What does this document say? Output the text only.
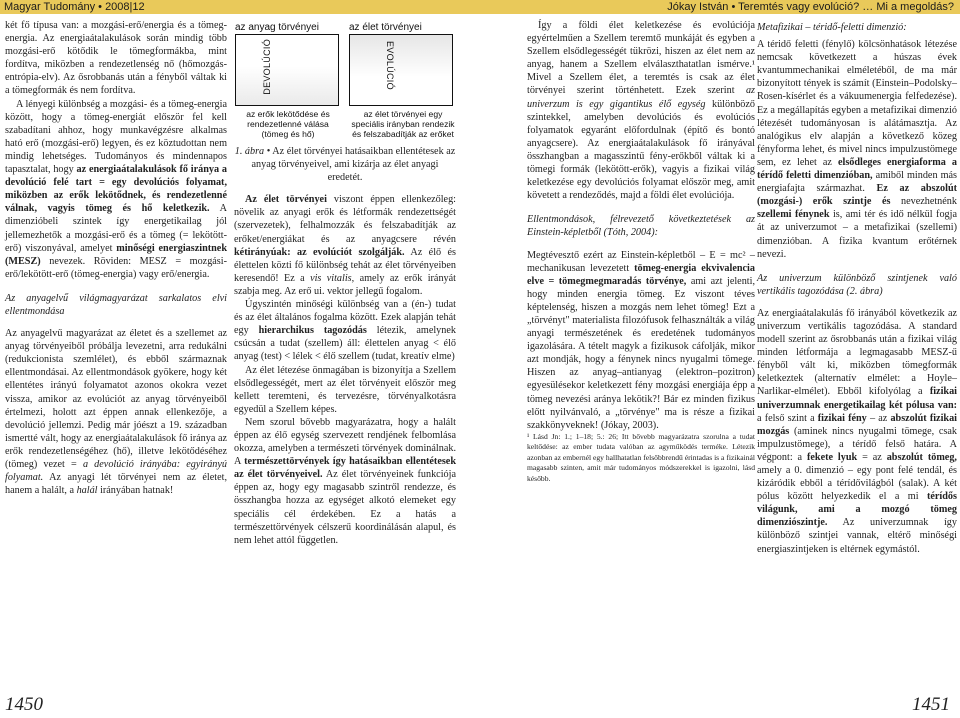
Magyar Tudomány • 2008|12	Jókay István • Teremtés vagy evolúció? … Mi a megoldás?

két fő típusa van: a mozgási-erő/energia és a tömeg-energia. Az energiaátalakulások során mindig több mozgási-erő kötődik le tömegformákba, mint fordítva, miközben a rendezetlenség nő (hőmozgás-entrópia-elv). Az ősrobbanás után a fényből váltak ki a tömegformák és nem fordítva.

A lényegi különbség a mozgási- és a tömeg-energia között, hogy a tömeg-energiát először fel kell szabadítani ahhoz, hogy munkavégzésre alkalmas ható erő (mozgási-erő) legyen, és ez köztudottan nem mindig lehetséges. Tudományos és mindennapos tapasztalat, hogy az energiaátalakulások fő iránya a devolúció felé tart = egy devolúciós folyamat, miközben az erők lekötődnek, és rendezetlenné válnak, vagyis tömeg és hő keletkezik. A dimenzióbeli szintek így energetikailag jól jellemezhetők a mozgási-erő és a tömeg (= lekötött-erő) viszonyával, amelyet minőségi energiaszintnek (MESZ) nevezek. Röviden: MESZ = mozgási-erő/lekötött-erő (tömeg-energia) vagy erő/energia.

Az anyagelvű világmagyarázat sarkalatos elvi ellentmondása

Az anyagelvű magyarázat az életet és a szellemet az anyag törvényeiből próbálja levezetni, arra redukálni (redukcionista szemlélet), és ebből származnak ellentmondásai. Az ellentmondások gyökere, hogy két ellentétes irányú folyamatot azonos okokra vezet vissza, amikor az evolúciót az anyag törvényeiből értelmezi, holott azt éppen annak ellenkezője, a devolúció jellemzi. Pedig már jóészt a 19. században ismertté vált, hogy az energiaátalakulások fő iránya az erők rendezetlenségéhez (hő), illetve lekötődéséhez (tömeg) vezet = a devolúció irányába: egyirányú folyamat. Az anyagi lét törvényei nem az életet, hanem a halált, a halál irányában hatnak!

az anyag törvényei	az élet törvényei
DEVOLÚCIÓ	EVOLÚCIÓ
az erők lekötődése és rendezetlenné válása (tömeg és hő)
az élet törvényei egy speciális irányban rendezik és felszabadítják az erőket

1. ábra • Az élet törvényei hatásaikban ellentétesek az anyag törvényeivel, ami kizárja az élet anyagi eredetét.

Az élet törvényei viszont éppen ellenkezőleg: növelik az anyagi erők és létformák rendezettségét (szervezetek), felhalmozzák és felszabadítják az erőket/energiákat és az anyagcsere révén kétirányúak: az evolúciót szolgálják. Az élő és élettelen közti fő különbség tehát az élet törvényeiben keresendő! Ez a vis vitalis, amely az erők irányát szabja meg. Az erő ui. vektor jellegű fogalom.

Úgyszintén minőségi különbség van a (én-) tudat és az élet általános fogalma között. Ezek alapján tehát egy hierarchikus tagozódás létezik, amelynek csúcsán a tudat (szellem) áll: élettelen anyag < élő anyag (test) < lélek < élő szellem (tudat, kreatív elme)

Az élet létezése önmagában is bizonyítja a Szellem elsődlegességét, mert az élet törvényeit először meg kellett teremteni, és tervezésre, törvényalkotásra egyedül a Szellem képes.

Nem szorul bővebb magyarázatra, hogy a halált éppen az élő egység szervezett rendjének felbomlása okozza, amelyben a természeti törvények dominálnak. A természettörvények így hatásaikban ellentétesek az élet törvényeivel. Az élet törvényeinek funkciója éppen az, hogy egy magasabb szintről rendezze, és összhangba hozza az egységet alkotó elemeket egy speciális cél érdekében. Ez a hatás a természettörvények célszerű koordinálásán alapul, és nem lehet attól független.

Így a földi élet keletkezése és evolúciója egyértelműen a Szellem teremtő munkáját és egyben a Szellem elsődlegességét tükrözi, hiszen az élet nem az anyag, hanem a Szellem elválaszthatatlan ismérve.¹ Mivel a Szellem élet, a teremtés is csak az élet törvényei szerint történhetett. Ezek szerint az univerzum is egy gigantikus élő egység különböző szintekkel, amelyben devolúciós és evolúciós folyamatok egyaránt előfordulnak (építő és bontó anyagcsere). Az energiaátalakulások fő irányával összhangban a magasszintű fény-erőkből váltak ki a tömegi formák (lekötött-erők), vagyis a fizikai világ keletkezése egy devolúciós folyamat először meg, amit követett a rendeződés, majd a földi élet evolúciója.

Ellentmondások, félrevezető következtetések az Einstein-képletből (Tóth, 2004):

Megtévesztő ezért az Einstein-képletből – E = mc² – mechanikusan levezetett tömeg-energia ekvivalencia elve = tömegmegmaradás törvénye, ami azt jelenti, hogy minden energia tömeg. Ez viszont téves képtelenség, hiszen a mozgás nem lehet tömeg! Ezt a „törvényt" materialista filozófusok felhasználták a világ anyagi természetének és eredetének tudományos igazolására. A tételt magyk a fizikusok cáfolják, mikor azt mondják, hogy a fénynek nincs nyugalmi tömege. Hiszen az anyag–antianyag (elektron–pozitron) egyesülésekor keletkezett fény mozgási energiája épp a tömeg nevezési aránya lekötik?! Bár ez minden fizikus előtt nyilvánvaló, a „törvénye" ma is része a fizikai szakkönyveknek! (Jókay, 2003).

¹ Lásd Jn: 1.; 1–18; 5.: 26; Itt bővebb magyarázatra szorulna a tudat keltődése: az ember tudata valóban az agyműködés terméke. Létezik azonban az embernél egy hallhatatlan felsőbbrendű érintadas is a fizikainál magasabb szinten, amit már tudományos módszerekkel is igazolni, lásd később.

Metafizikai – téridő-feletti dimenzió:

A téridő feletti (fénylő) kölcsönhatások létezése nemcsak következett a húszas évek kvantummechanikai elméletéből, de ma már bizonyított tények is számít (Einstein–Podolsky–Rosen-kísérlet és a vákuumenergia felfedezése). Ez a megállapítás egyben a metafizikai dimenzió létezését tudományosan is alátámasztja. Az analógikus elv alapján a következő közeg fényforma lehet, és mivel nincs impulzustömege sem, ez lehet az elsődleges energiaforma a térídő feletti dimenzióban, amiből minden más energiafajta származhat. Ez az abszolút (mozgási-) erők szintje és nevezhetnénk szellemi fénynek is, ami tér és idő nélkül fogja át az univerzumot – a metafizikai (szellemi) dimenzióban. A fizika kvantum erőtérnek nevezi.

Az univerzum különböző szintjenek való vertikális tagozódása (2. ábra)

Az energiaátalakulás fő irányából következik az univerzum vertikális tagozódása. A standard modell szerint az ősrobbanás után a fizikai világ minden létformája a legmagasabb MESZ-ű fényből vált ki, miközben tömegformák keletkeztek (alternatív elmélet: a Hoyle–Narlikar-elmélet). Ebből kifolyólag a fizikai univerzumnak energetikailag két pólusa van: a felső szint a fizikai fény – az abszolút fizikai mozgás (aminek nincs nyugalmi tömege, csak impulzustömege), a térídő felső határa. A végpont: a fekete lyuk = az abszolút tömeg, amely a 0. dimenzió – egy pont felé tendál, és kizáródik ebből a térídővilágból (salak). A két pólus között helyezkedik el a mi térídős világunk, ami a mozgó tömeg dimenziószintje. Az univerzumnak így különböző szintjei vannak, eltérő minőségi energiaszintjeken is eltérnek egymástól.

1450	1451
